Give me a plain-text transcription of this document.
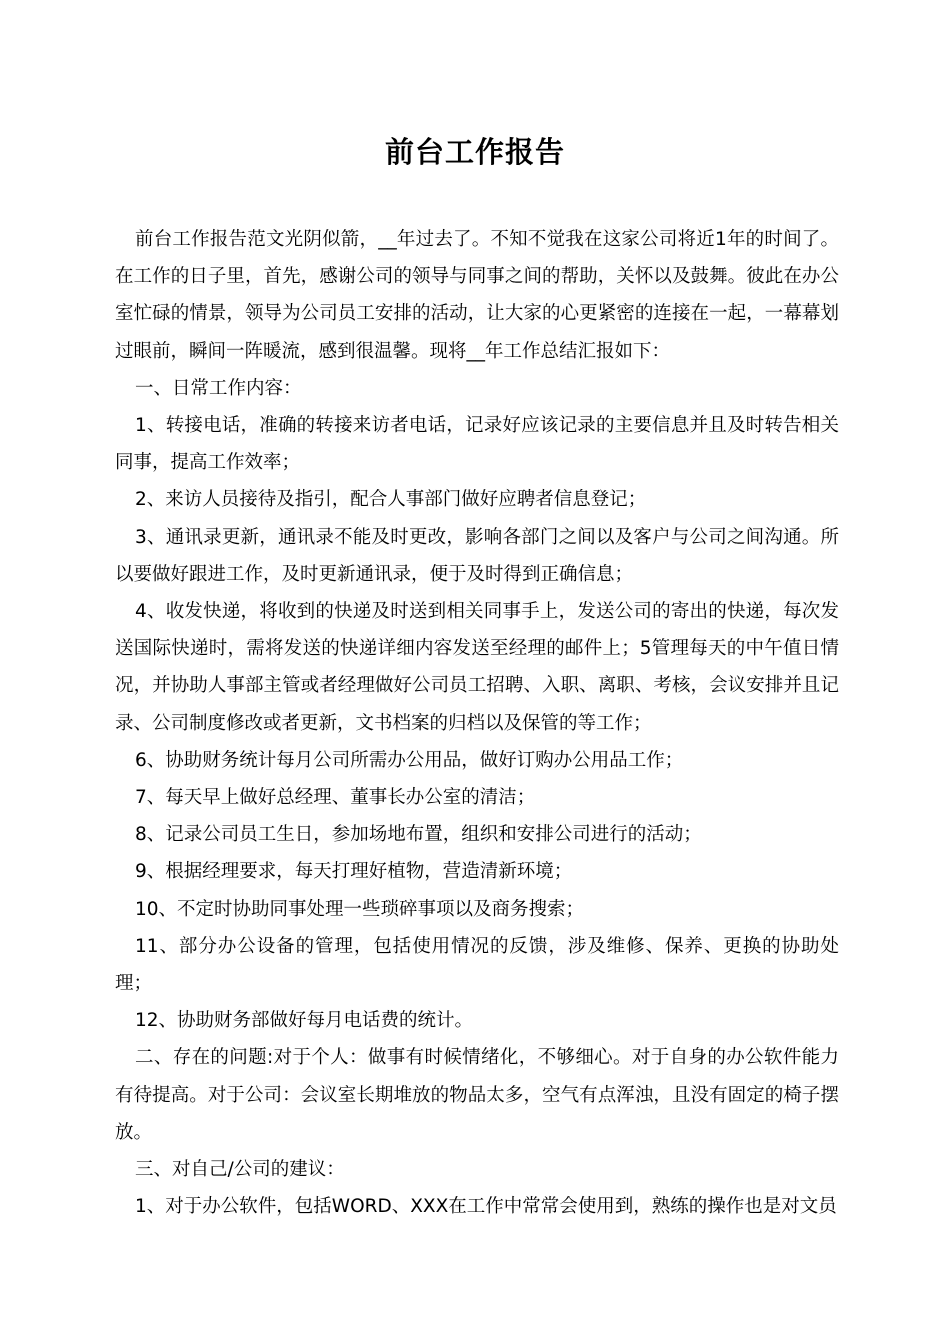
前台工作报告

前台工作报告范文光阴似箭，__年过去了。不知不觉我在这家公司将近1年的时间了。在工作的日子里，首先，感谢公司的领导与同事之间的帮助，关怀以及鼓舞。彼此在办公室忙碌的情景，领导为公司员工安排的活动，让大家的心更紧密的连接在一起，一幕幕划过眼前，瞬间一阵暖流，感到很温馨。现将__年工作总结汇报如下：

一、日常工作内容：

1、转接电话，准确的转接来访者电话，记录好应该记录的主要信息并且及时转告相关同事，提高工作效率；

2、来访人员接待及指引，配合人事部门做好应聘者信息登记；

3、通讯录更新，通讯录不能及时更改，影响各部门之间以及客户与公司之间沟通。所以要做好跟进工作，及时更新通讯录，便于及时得到正确信息；

4、收发快递，将收到的快递及时送到相关同事手上，发送公司的寄出的快递，每次发送国际快递时，需将发送的快递详细内容发送至经理的邮件上；5管理每天的中午值日情况，并协助人事部主管或者经理做好公司员工招聘、入职、离职、考核，会议安排并且记录、公司制度修改或者更新，文书档案的归档以及保管的等工作；

6、协助财务统计每月公司所需办公用品，做好订购办公用品工作；

7、每天早上做好总经理、董事长办公室的清洁；

8、记录公司员工生日，参加场地布置，组织和安排公司进行的活动；

9、根据经理要求，每天打理好植物，营造清新环境；

10、不定时协助同事处理一些琐碎事项以及商务搜索；

11、部分办公设备的管理，包括使用情况的反馈，涉及维修、保养、更换的协助处理；

12、协助财务部做好每月电话费的统计。

二、存在的问题:对于个人：做事有时候情绪化，不够细心。对于自身的办公软件能力有待提高。对于公司：会议室长期堆放的物品太多，空气有点浑浊，且没有固定的椅子摆放。

三、对自己/公司的建议：

1、对于办公软件，包括WORD、XXX在工作中常常会使用到，熟练的操作也是对文员
